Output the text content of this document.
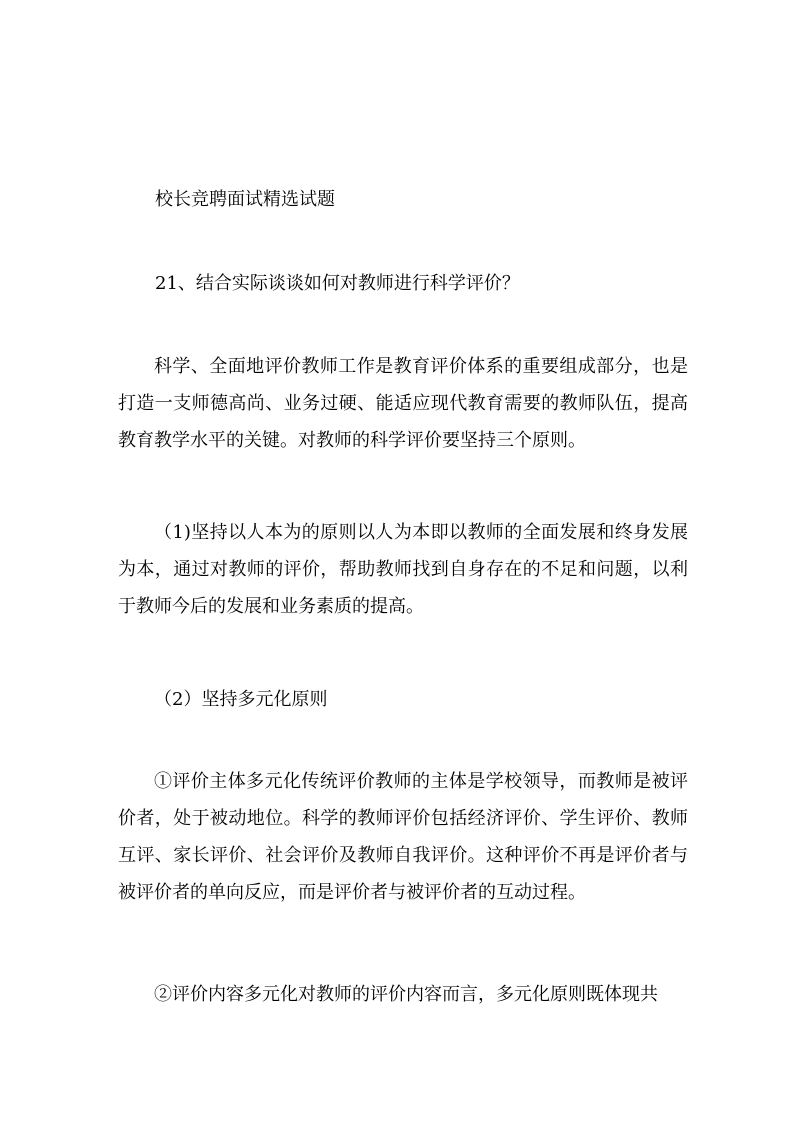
校长竞聘面试精选试题
21、结合实际谈谈如何对教师进行科学评价？

科学、全面地评价教师工作是教育评价体系的重要组成部分，也是打造一支师德高尚、业务过硬、能适应现代教育需要的教师队伍，提高教育教学水平的关键。对教师的科学评价要坚持三个原则。

（1)坚持以人本为的原则以人为本即以教师的全面发展和终身发展为本，通过对教师的评价，帮助教师找到自身存在的不足和问题，以利于教师今后的发展和业务素质的提高。

（2）坚持多元化原则

①评价主体多元化传统评价教师的主体是学校领导，而教师是被评价者，处于被动地位。科学的教师评价包括经济评价、学生评价、教师互评、家长评价、社会评价及教师自我评价。这种评价不再是评价者与被评价者的单向反应，而是评价者与被评价者的互动过程。

②评价内容多元化对教师的评价内容而言，多元化原则既体现共
